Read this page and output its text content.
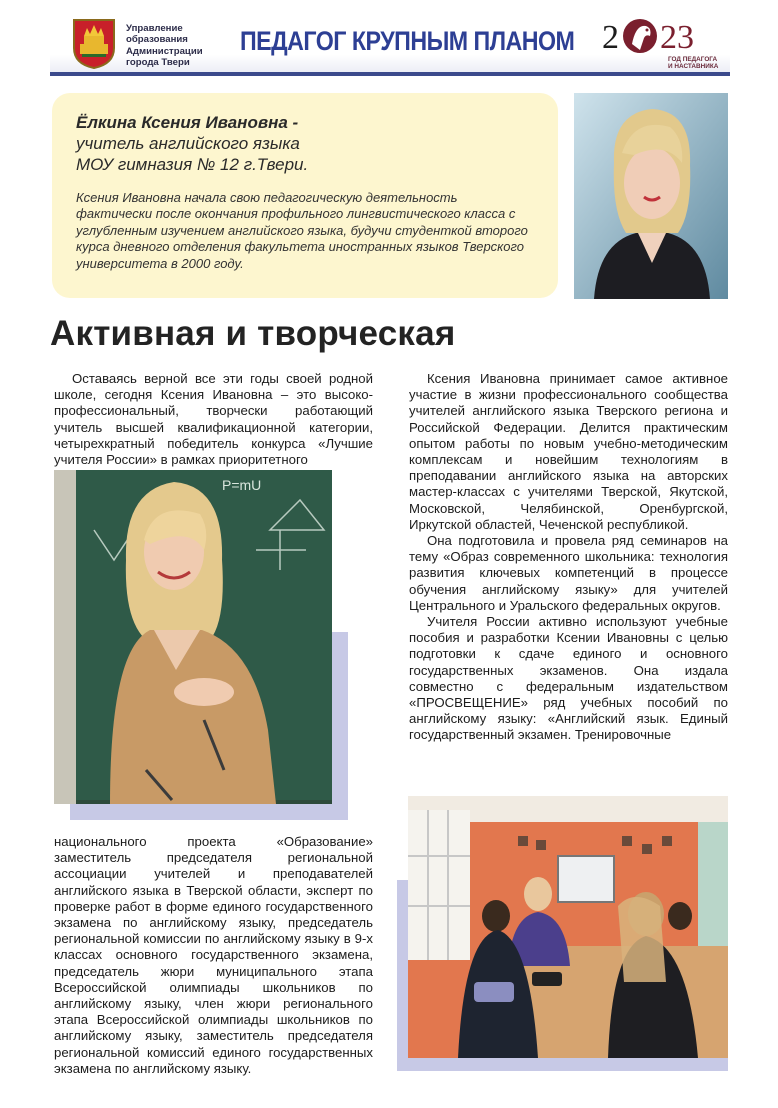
Управление
образования
Администрации
города Твери
ПЕДАГОГ КРУПНЫМ ПЛАНОМ 2 23
ГОД ПЕДАГОГА
И НАСТАВНИКА
Ёлкина Ксения Ивановна -
учитель английского языка
МОУ гимназия № 12 г.Твери.
Ксения Ивановна начала свою педагогическую деятельность фактически после окончания профильного лингвистического класса с углубленным изучением английского языка, будучи студенткой второго курса дневного отделения факультета иностранных языков Тверского университета в 2000 году.
Активная и творческая

Оставаясь верной все эти годы своей родной школе, сегодня Ксения Ивановна – это высокопрофессиональный, творчески работающий учитель высшей квалификационной категории, четырехкратный победитель конкурса «Лучшие учителя России» в рамках приоритетного

P=mU

национального проекта «Образование» заместитель председателя региональной ассоциации учителей и преподавателей английского языка в Тверской области, эксперт по проверке работ в форме единого государственного экзамена по английскому языку, председатель региональной комиссии по английскому языку в 9-х классах основного государственного экзамена, председатель жюри муниципального этапа Всероссийской олимпиады школьников по английскому языку, член жюри регионального этапа Всероссийской олимпиады школьников по английскому языку, заместитель председателя региональной комиссий единого государственных экзамена по английскому языку.

Ксения Ивановна принимает самое активное участие в жизни профессионального сообщества учителей английского языка Тверского региона и Российской Федерации. Делится практическим опытом работы по новым учебно-методическим комплексам и новейшим технологиям в преподавании английского языка на авторских мастер-классах с учителями Тверской, Якутской, Московской, Челябинской, Оренбургской, Иркутской областей, Чеченской республикой.

Она подготовила и провела ряд семинаров на тему «Образ современного школьника: технология развития ключевых компетенций в процессе обучения английскому языку» для учителей Центрального и Уральского федеральных округов.

Учителя России активно используют учебные пособия и разработки Ксении Ивановны с целью подготовки к сдаче единого и основного государственных экзаменов. Она издала совместно с федеральным издательством «ПРОСВЕЩЕНИЕ» ряд учебных пособий по английскому языку: «Английский язык. Единый государственный экзамен. Тренировочные
